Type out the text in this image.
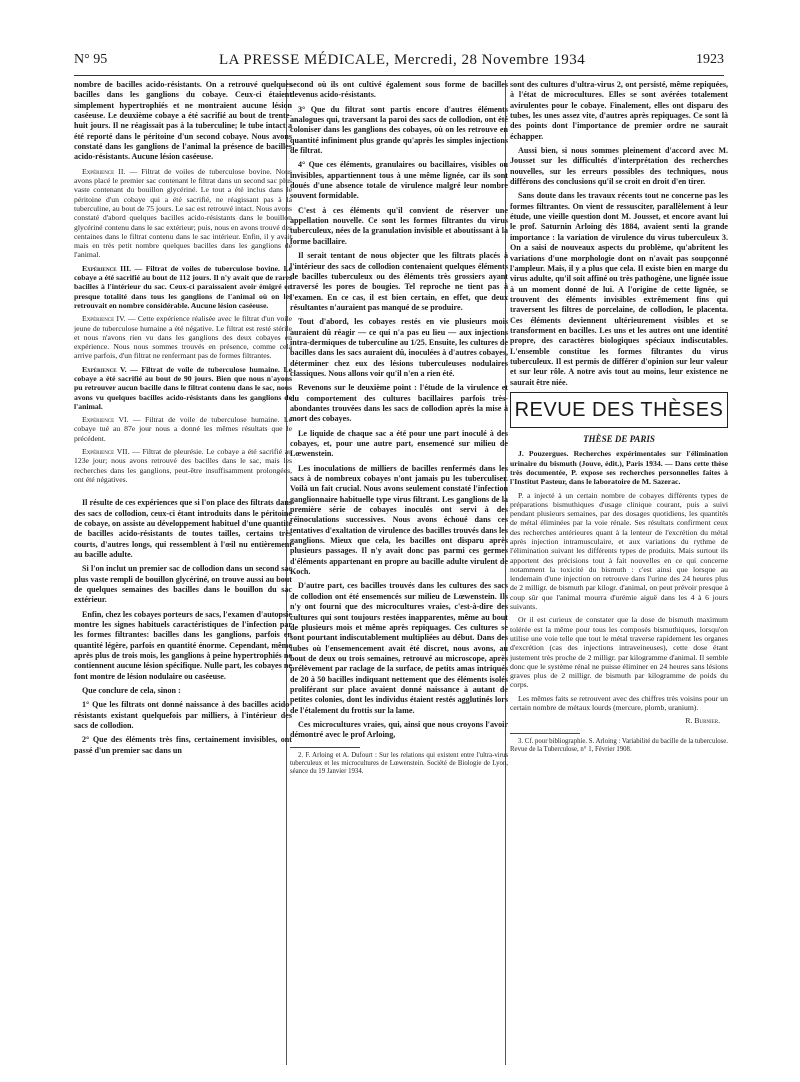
N° 95	LA PRESSE MÉDICALE, Mercredi, 28 Novembre 1934	1923

nombre de bacilles acido-résistants. On a retrouvé quelques bacilles dans les ganglions du cobaye. Ceux-ci étaient simplement hypertrophiés et ne montraient aucune lésion caséeuse. Le deuxième cobaye a été sacrifié au bout de trente-huit jours. Il ne réagissait pas à la tuberculine; le tube intact a été reporté dans le péritoine d'un second cobaye. Nous avons constaté dans les ganglions de l'animal la présence de bacilles acido-résistants. Aucune lésion caséeuse.

Expérience II. — Filtrat de voiles de tuberculose bovine. Nous avons placé le premier sac contenant le filtrat dans un second sac plus vaste contenant du bouillon glycériné. Le tout a été inclus dans le péritoine d'un cobaye qui a été sacrifié, ne réagissant pas à la tuberculine, au bout de 75 jours. Le sac est retrouvé intact. Nous avons constaté d'abord quelques bacilles acido-résistants dans le bouillon glycériné contenu dans le sac extérieur; puis, nous en avons trouvé des centaines dans le filtrat contenu dans le sac intérieur. Enfin, il y avait mais en très petit nombre quelques bacilles dans les ganglions de l'animal.

Expérience III. — Filtrat de voiles de tuberculose bovine. Le cobaye a été sacrifié au bout de 112 jours. Il n'y avait que de rares bacilles à l'intérieur du sac. Ceux-ci paraissaient avoir émigré en presque totalité dans tous les ganglions de l'animal où on les retrouvait en nombre considérable. Aucune lésion caséeuse.

Expérience IV. — Cette expérience réalisée avec le filtrat d'un voile jeune de tuberculose humaine a été négative. Le filtrat est resté stérile et nous n'avons rien vu dans les ganglions des deux cobayes en expérience. Nous nous sommes trouvés en présence, comme cela arrive parfois, d'un filtrat ne renfermant pas de formes filtrantes.

Expérience V. — Filtrat de voile de tuberculose humaine. Le cobaye a été sacrifié au bout de 90 jours. Bien que nous n'ayons pu retrouver aucun bacille dans le filtrat contenu dans le sac, nous avons vu quelques bacilles acido-résistants dans les ganglions de l'animal.

Expérience VI. — Filtrat de voile de tuberculose humaine. Le cobaye tué au 87e jour nous a donné les mêmes résultats que le précédent.

Expérience VII. — Filtrat de pleurésie. Le cobaye a été sacrifié au 123e jour; nous avons retrouvé des bacilles dans le sac, mais les recherches dans les ganglions, peut-être insuffisamment prolongées, ont été négatives.

Il résulte de ces expériences que si l'on place des filtrats dans des sacs de collodion, ceux-ci étant introduits dans le péritoine de cobaye, on assiste au développement habituel d'une quantité de bacilles acido-résistants de toutes tailles, certains très courts, d'autres longs, qui ressemblent à l'œil nu entièrement au bacille adulte.

Si l'on inclut un premier sac de collodion dans un second sac plus vaste rempli de bouillon glycériné, on trouve aussi au bout de quelques semaines des bacilles dans le bouillon du sac extérieur.

Enfin, chez les cobayes porteurs de sacs, l'examen d'autopsie montre les signes habituels caractéristiques de l'infection par les formes filtrantes: bacilles dans les ganglions, parfois en quantité légère, parfois en quantité énorme. Cependant, même après plus de trois mois, les ganglions à peine hypertrophiés ne contiennent aucune lésion spécifique. Nulle part, les cobayes ne font montre de lésion nodulaire ou caséeuse.

Que conclure de cela, sinon :

1° Que les filtrats ont donné naissance à des bacilles acido-résistants existant quelquefois par milliers, à l'intérieur des sacs de collodion.

2° Que des éléments très fins, certainement invisibles, ont passé d'un premier sac dans un

second où ils ont cultivé également sous forme de bacilles devenus acido-résistants.

3° Que du filtrat sont partis encore d'autres éléments analogues qui, traversant la paroi des sacs de collodion, ont été coloniser dans les ganglions des cobayes, où on les retrouve en quantité infiniment plus grande qu'après les simples injections de filtrat.

4° Que ces éléments, granulaires ou bacillaires, visibles ou invisibles, appartiennent tous à une même lignée, car ils sont doués d'une absence totale de virulence malgré leur nombre souvent formidable.

C'est à ces éléments qu'il convient de réserver une appellation nouvelle. Ce sont les formes filtrantes du virus tuberculeux, nées de la granulation invisible et aboutissant à la forme bacillaire.

Il serait tentant de nous objecter que les filtrats placés à l'intérieur des sacs de collodion contenaient quelques éléments de bacilles tuberculeux ou des éléments très grossiers ayant traversé les pores de bougies. Tel reproche ne tient pas à l'examen. En ce cas, il est bien certain, en effet, que deux résultantes n'auraient pas manqué de se produire.

Tout d'abord, les cobayes restés en vie plusieurs mois auraient dû réagir — ce qui n'a pas eu lieu — aux injections intra-dermiques de tuberculine au 1/25. Ensuite, les cultures de bacilles dans les sacs auraient dû, inoculées à d'autres cobayes, déterminer chez eux des lésions tuberculeuses nodulaires classiques. Nous allons voir qu'il n'en a rien été.

Revenons sur le deuxième point : l'étude de la virulence et du comportement des cultures bacillaires parfois très-abondantes trouvées dans les sacs de collodion après la mise à mort des cobayes.

Le liquide de chaque sac a été pour une part inoculé à des cobayes, et, pour une autre part, ensemencé sur milieu de Lœwenstein.

Les inoculations de milliers de bacilles renfermés dans les sacs à de nombreux cobayes n'ont jamais pu les tuberculiser. Voilà un fait crucial. Nous avons seulement constaté l'infection ganglionnaire habituelle type virus filtrant. Les ganglions de la première série de cobayes inoculés ont servi à des réinoculations successives. Nous avons échoué dans ces tentatives d'exaltation de virulence des bacilles trouvés dans les ganglions. Mieux que cela, les bacilles ont disparu après plusieurs passages. Il n'y avait donc pas parmi ces germes d'éléments appartenant en propre au bacille adulte virulent de Koch.

D'autre part, ces bacilles trouvés dans les cultures des sacs de collodion ont été ensemencés sur milieu de Lœwenstein. Ils n'y ont fourni que des microcultures vraies, c'est-à-dire des cultures qui sont toujours restées inapparentes, même au bout de plusieurs mois et même après repiquages. Ces cultures se sont pourtant indiscutablement multipliées au début. Dans des tubes où l'ensemencement avait été discret, nous avons, au bout de deux ou trois semaines, retrouvé au microscope, après prélèvement par raclage de la surface, de petits amas intriqués de 20 à 50 bacilles indiquant nettement que des éléments isolés proliférant sur place avaient donné naissance à autant de petites colonies, dont les individus étaient restés agglutinés lors de l'étalement du frottis sur la lame.

Ces microcultures vraies, qui, ainsi que nous croyons l'avoir démontré avec le prof Arloing,

2. F. Arloing et A. Dufourt : Sur les relations qui existent entre l'ultra-virus tuberculeux et les microcultures de Lœwenstein. Société de Biologie de Lyon, séance du 19 Janvier 1934.

sont des cultures d'ultra-virus 2, ont persisté, même repiquées, à l'état de microcultures. Elles se sont avérées totalement avirulentes pour le cobaye. Finalement, elles ont disparu des tubes, les unes assez vite, d'autres après repiquages. Ce sont là des points dont l'importance de premier ordre ne saurait échapper.

Aussi bien, si nous sommes pleinement d'accord avec M. Jousset sur les difficultés d'interprétation des recherches nouvelles, sur les erreurs possibles des techniques, nous différons des conclusions qu'il se croit en droit d'en tirer.

Sans doute dans les travaux récents tout ne concerne pas les formes filtrantes. On vient de ressusciter, parallèlement à leur étude, une vieille question dont M. Jousset, et encore avant lui le prof. Saturnin Arloing dès 1884, avaient senti la grande importance : la variation de virulence du virus tuberculeux 3. On a saisi de nouveaux aspects du problème, qu'abritent les variations d'une morphologie dont on n'avait pas soupçonné l'ampleur. Mais, il y a plus que cela. Il existe bien en marge du virus adulte, qu'il soit affiné ou très pathogène, une lignée issue à un moment donné de lui. A l'origine de cette lignée, se trouvent des éléments invisibles extrêmement fins qui traversent les filtres de porcelaine, de collodion, le placenta. Ces éléments deviennent ultérieurement visibles et se transforment en bacilles. Les uns et les autres ont une identité propre, des caractères biologiques spéciaux indiscutables. L'ensemble constitue les formes filtrantes du virus tuberculeux. Il est permis de différer d'opinion sur leur valeur et sur leur rôle. A notre avis tout au moins, leur existence ne saurait être niée.

REVUE DES THÈSES
THÈSE DE PARIS

J. Pouzergues. Recherches expérimentales sur l'élimination urinaire du bismuth (Jouve, édit.), Paris 1934. — Dans cette thèse très documentée, P. expose ses recherches personnelles faites à l'Institut Pasteur, dans le laboratoire de M. Sazerac.

P. a injecté à un certain nombre de cobayes différents types de préparations bismuthiques d'usage clinique courant, puis a suivi pendant plusieurs semaines, par des dosages quotidiens, les quantités de métal éliminées par la voie rénale. Ses résultats confirment ceux des recherches antérieures quant à la lenteur de l'excrétion du métal après injection intramusculaire, et aux variations du rythme de l'élimination suivant les différents types de produits. Mais surtout ils apportent des précisions tout à fait nouvelles en ce qui concerne notamment la toxicité du bismuth : c'est ainsi que lorsque au lendemain d'une injection on retrouve dans l'urine des 24 heures plus de 2 milligr. de bismuth par kilogr. d'animal, on peut prévoir presque à coup sûr que l'animal mourra d'urémie aiguë dans les 4 à 6 jours suivants.

Or il est curieux de constater que la dose de bismuth maximum tolérée est la même pour tous les composés bismuthiques, lorsqu'on utilise une voie telle que tout le métal traverse rapidement les organes d'excrétion (cas des injections intraveineuses), cette dose étant justement très proche de 2 milligr. par kilogramme d'animal. Il semble donc que le système rénal ne puisse éliminer en 24 heures sans lésions graves plus de 2 milligr. de bismuth par kilogramme de poids du corps.

Les mêmes faits se retrouvent avec des chiffres très voisins pour un certain nombre de métaux lourds (mercure, plomb, uranium).

R. Burnier.

3. Cf. pour bibliographie. S. Arloing : Variabilité du bacille de la tuberculose. Revue de la Tuberculose, n° 1, Février 1908.
